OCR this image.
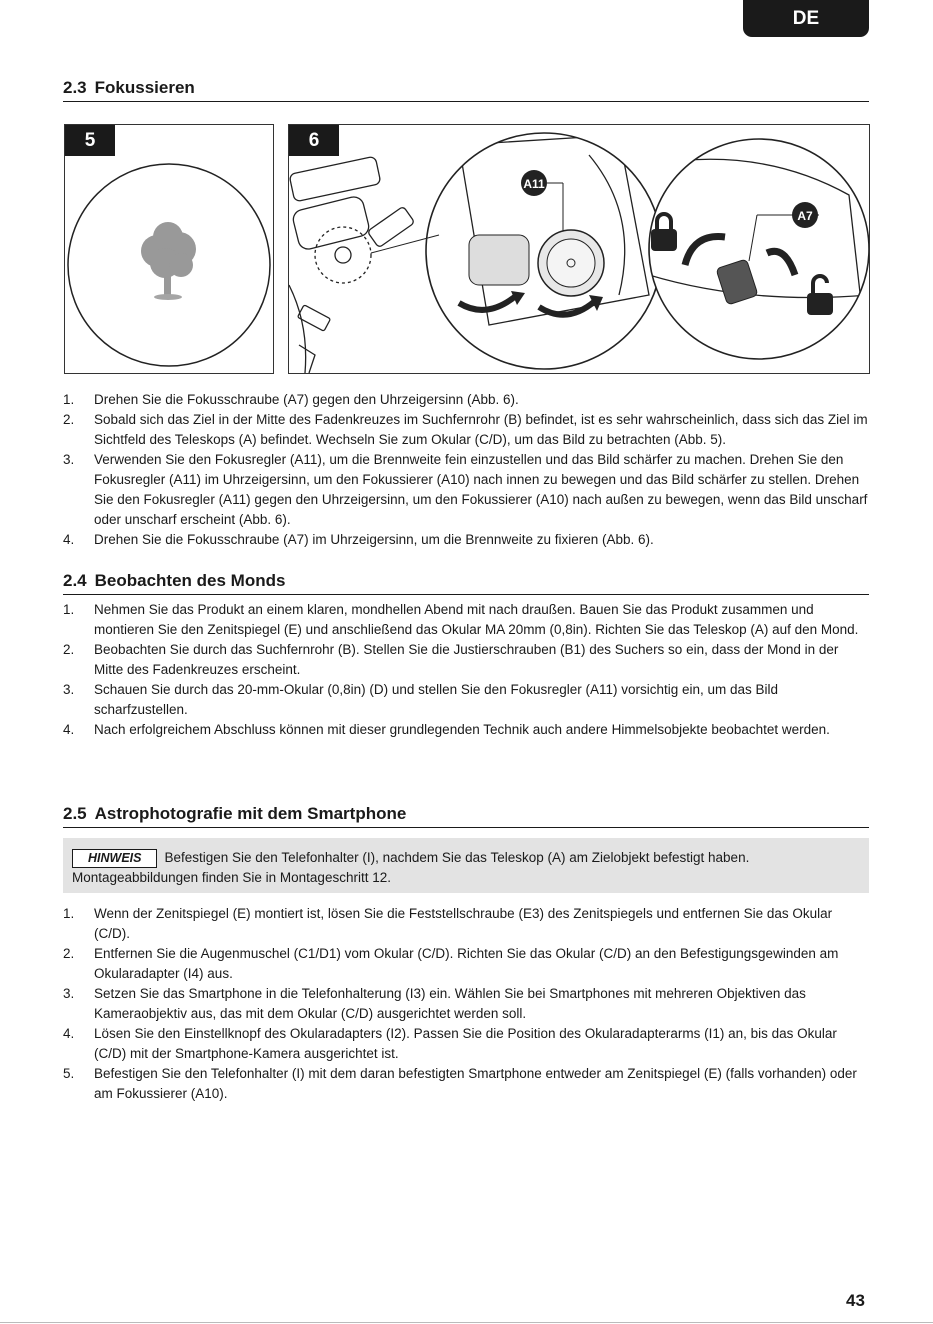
DE
2.3 Fokussieren
5
A11
A7
6
1. Drehen Sie die Fokusschraube (A7) gegen den Uhrzeigersinn (Abb. 6).
2. Sobald sich das Ziel in der Mitte des Fadenkreuzes im Suchfernrohr (B) befindet, ist es sehr wahrscheinlich, dass sich das Ziel im Sichtfeld des Teleskops (A) befindet. Wechseln Sie zum Okular (C/D), um das Bild zu betrachten (Abb. 5).
3. Verwenden Sie den Fokusregler (A11), um die Brennweite fein einzustellen und das Bild schärfer zu machen. Drehen Sie den Fokusregler (A11) im Uhrzeigersinn, um den Fokussierer (A10) nach innen zu bewegen und das Bild schärfer zu stellen. Drehen Sie den Fokusregler (A11) gegen den Uhrzeigersinn, um den Fokussierer (A10) nach außen zu bewegen, wenn das Bild unscharf oder unscharf erscheint (Abb. 6).
4. Drehen Sie die Fokusschraube (A7) im Uhrzeigersinn, um die Brennweite zu fixieren (Abb. 6).
2.4 Beobachten des Monds
1. Nehmen Sie das Produkt an einem klaren, mondhellen Abend mit nach draußen. Bauen Sie das Produkt zusammen und montieren Sie den Zenitspiegel (E) und anschließend das Okular MA 20mm (0,8in). Richten Sie das Teleskop (A) auf den Mond.
2. Beobachten Sie durch das Suchfernrohr (B). Stellen Sie die Justierschrauben (B1) des Suchers so ein, dass der Mond in der Mitte des Fadenkreuzes erscheint.
3. Schauen Sie durch das 20-mm-Okular (0,8in) (D) und stellen Sie den Fokusregler (A11) vorsichtig ein, um das Bild scharfzustellen.
4. Nach erfolgreichem Abschluss können mit dieser grundlegenden Technik auch andere Himmelsobjekte beobachtet werden.
2.5 Astrophotografie mit dem Smartphone
HINWEIS Befestigen Sie den Telefonhalter (I), nachdem Sie das Teleskop (A) am Zielobjekt befestigt haben. Montageabbildungen finden Sie in Montageschritt 12.
1. Wenn der Zenitspiegel (E) montiert ist, lösen Sie die Feststellschraube (E3) des Zenitspiegels und entfernen Sie das Okular (C/D).
2. Entfernen Sie die Augenmuschel (C1/D1) vom Okular (C/D). Richten Sie das Okular (C/D) an den Befestigungsgewinden am Okularadapter (I4) aus.
3. Setzen Sie das Smartphone in die Telefonhalterung (I3) ein. Wählen Sie bei Smartphones mit mehreren Objektiven das Kameraobjektiv aus, das mit dem Okular (C/D) ausgerichtet werden soll.
4. Lösen Sie den Einstellknopf des Okularadapters (I2). Passen Sie die Position des Okularadapterarms (I1) an, bis das Okular (C/D) mit der Smartphone-Kamera ausgerichtet ist.
5. Befestigen Sie den Telefonhalter (I) mit dem daran befestigten Smartphone entweder am Zenitspiegel (E) (falls vorhanden) oder am Fokussierer (A10).
43
